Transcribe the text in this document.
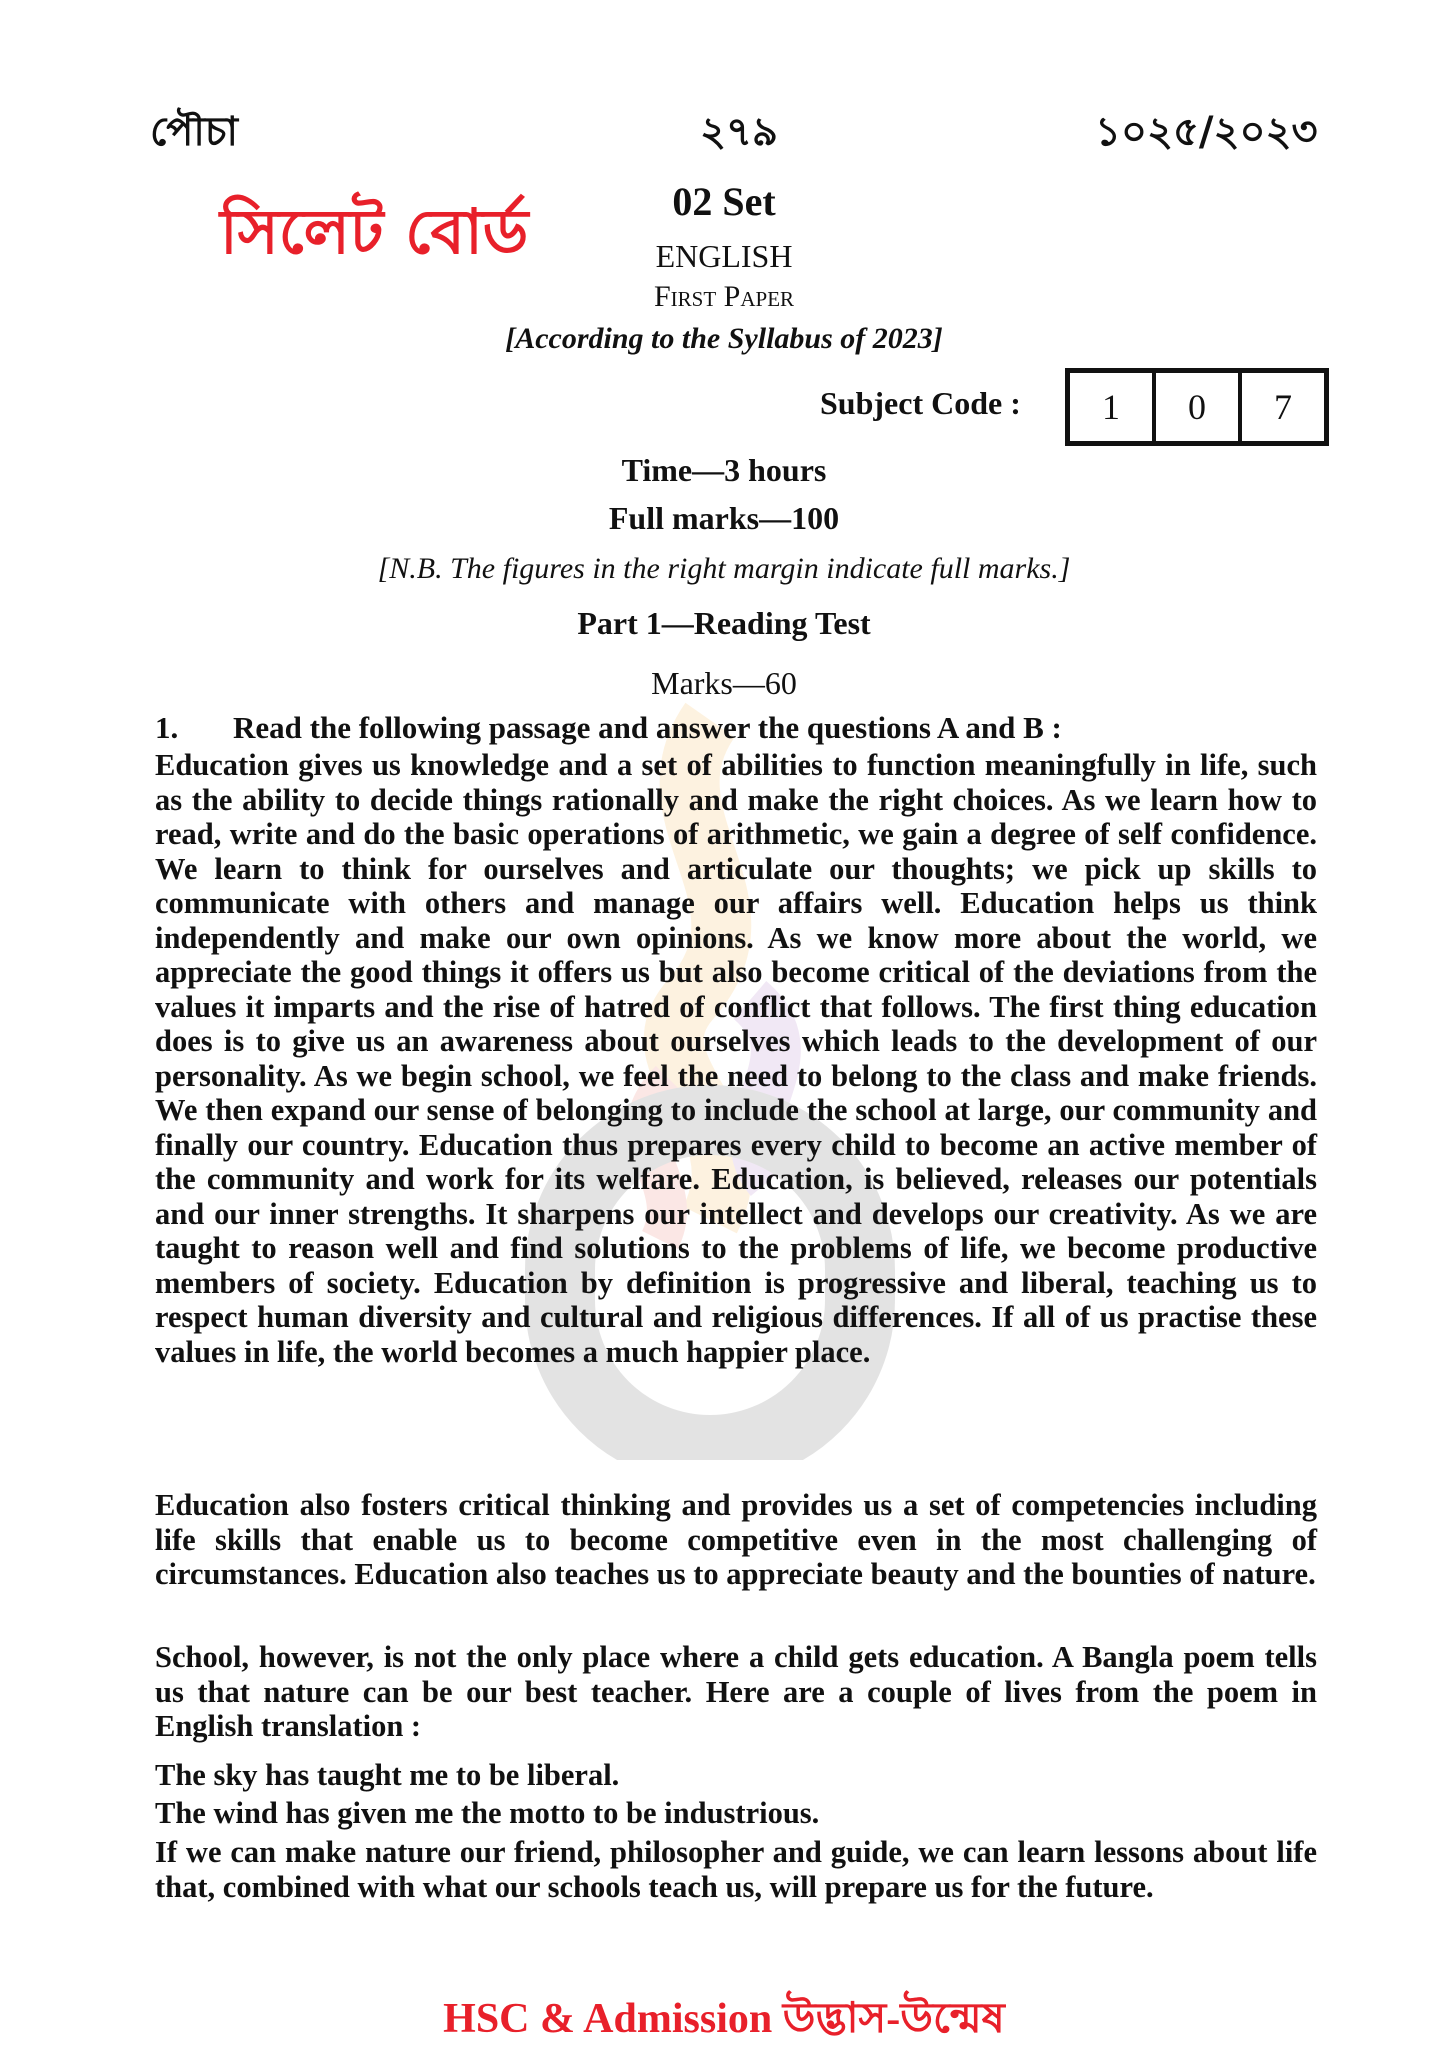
পৌচা	২৭৯	১০২৫/২০২৩
সিলেট বোর্ড	02 Set
ENGLISH
First Paper
[According to the Syllabus of 2023]
Subject Code :	1	0	7
Time—3 hours
Full marks—100
[N.B. The figures in the right margin indicate full marks.]
Part 1—Reading Test
Marks—60
1. Read the following passage and answer the questions A and B :
Education gives us knowledge and a set of abilities to function meaningfully in life, such as the ability to decide things rationally and make the right choices. As we learn how to read, write and do the basic operations of arithmetic, we gain a degree of self confidence. We learn to think for ourselves and articulate our thoughts; we pick up skills to communicate with others and manage our affairs well. Education helps us think independently and make our own opinions. As we know more about the world, we appreciate the good things it offers us but also become critical of the deviations from the values it imparts and the rise of hatred of conflict that follows. The first thing education does is to give us an awareness about ourselves which leads to the development of our personality. As we begin school, we feel the need to belong to the class and make friends. We then expand our sense of belonging to include the school at large, our community and finally our country. Education thus prepares every child to become an active member of the community and work for its welfare. Education, is believed, releases our potentials and our inner strengths. It sharpens our intellect and develops our creativity. As we are taught to reason well and find solutions to the problems of life, we become productive members of society. Education by definition is progressive and liberal, teaching us to respect human diversity and cultural and religious differences. If all of us practise these values in life, the world becomes a much happier place.
Education also fosters critical thinking and provides us a set of competencies including life skills that enable us to become competitive even in the most challenging of circumstances. Education also teaches us to appreciate beauty and the bounties of nature.
School, however, is not the only place where a child gets education. A Bangla poem tells us that nature can be our best teacher. Here are a couple of lives from the poem in English translation :
The sky has taught me to be liberal.
The wind has given me the motto to be industrious.
If we can make nature our friend, philosopher and guide, we can learn lessons about life that, combined with what our schools teach us, will prepare us for the future.
HSC & Admission উদ্ভাস-উন্মেষ
